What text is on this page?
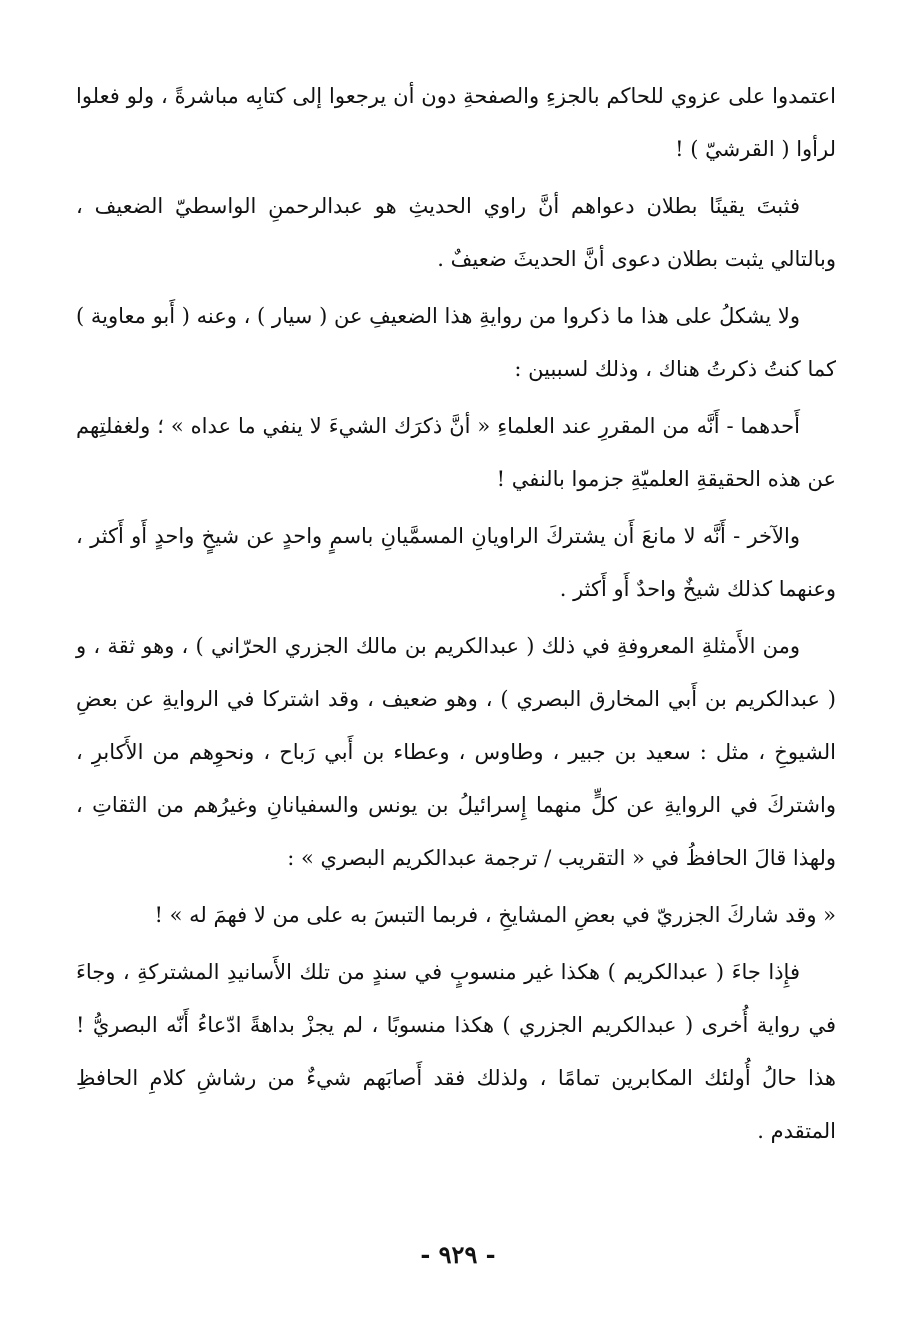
اعتمدوا على عزوي للحاكم بالجزءِ والصفحةِ دون أن يرجعوا إلى كتابِه مباشرةً ، ولو فعلوا لرأوا ( القرشيّ ) !

فثبتَ يقينًا بطلان دعواهم أنَّ راوي الحديثِ هو عبدالرحمنِ الواسطيّ الضعيف ، وبالتالي يثبت بطلان دعوى أنَّ الحديثَ ضعيفٌ .

ولا يشكلُ على هذا ما ذكروا من روايةِ هذا الضعيفِ عن ( سيار ) ، وعنه ( أَبو معاوية ) كما كنتُ ذكرتُ هناك ، وذلك لسببين :

أَحدهما - أَنَّه من المقررِ عند العلماءِ « أنَّ ذكرَك الشيءَ لا ينفي ما عداه » ؛ ولغفلتِهم عن هذه الحقيقةِ العلميّةِ جزموا بالنفي !

والآخر - أَنَّه لا مانعَ أَن يشتركَ الراويانِ المسمَّيانِ باسمٍ واحدٍ عن شيخٍ واحدٍ أَو أَكثر ، وعنهما كذلك شيخٌ واحدٌ أَو أَكثر .

ومن الأَمثلةِ المعروفةِ في ذلك ( عبدالكريم بن مالك الجزري الحرّاني ) ، وهو ثقة ، و ( عبدالكريم بن أَبي المخارق البصري ) ، وهو ضعيف ، وقد اشتركا في الروايةِ عن بعضِ الشيوخِ ، مثل : سعيد بن جبير ، وطاوس ، وعطاء بن أَبي رَباح ، ونحوِهم من الأَكابرِ ، واشتركَ في الروايةِ عن كلٍّ منهما إِسرائيلُ بن يونس والسفيانانِ وغيرُهم من الثقاتِ ، ولهذا قالَ الحافظُ في « التقريب / ترجمة عبدالكريم البصري » :

« وقد شاركَ الجزريّ في بعضِ المشايخِ ، فربما التبسَ به على من لا فهمَ له » !

فإِذا جاءَ ( عبدالكريم ) هكذا غير منسوبٍ في سندٍ من تلك الأَسانيدِ المشتركةِ ، وجاءَ في رواية أُخرى ( عبدالكريم الجزري ) هكذا منسوبًا ، لم يجزْ بداهةً ادّعاءُ أَنّه البصريُّ ! هذا حالُ أُولئك المكابرين تمامًا ، ولذلك فقد أَصابَهم شيءٌ من رشاشِ كلامِ الحافظِ المتقدم .

- ٩٢٩ -
